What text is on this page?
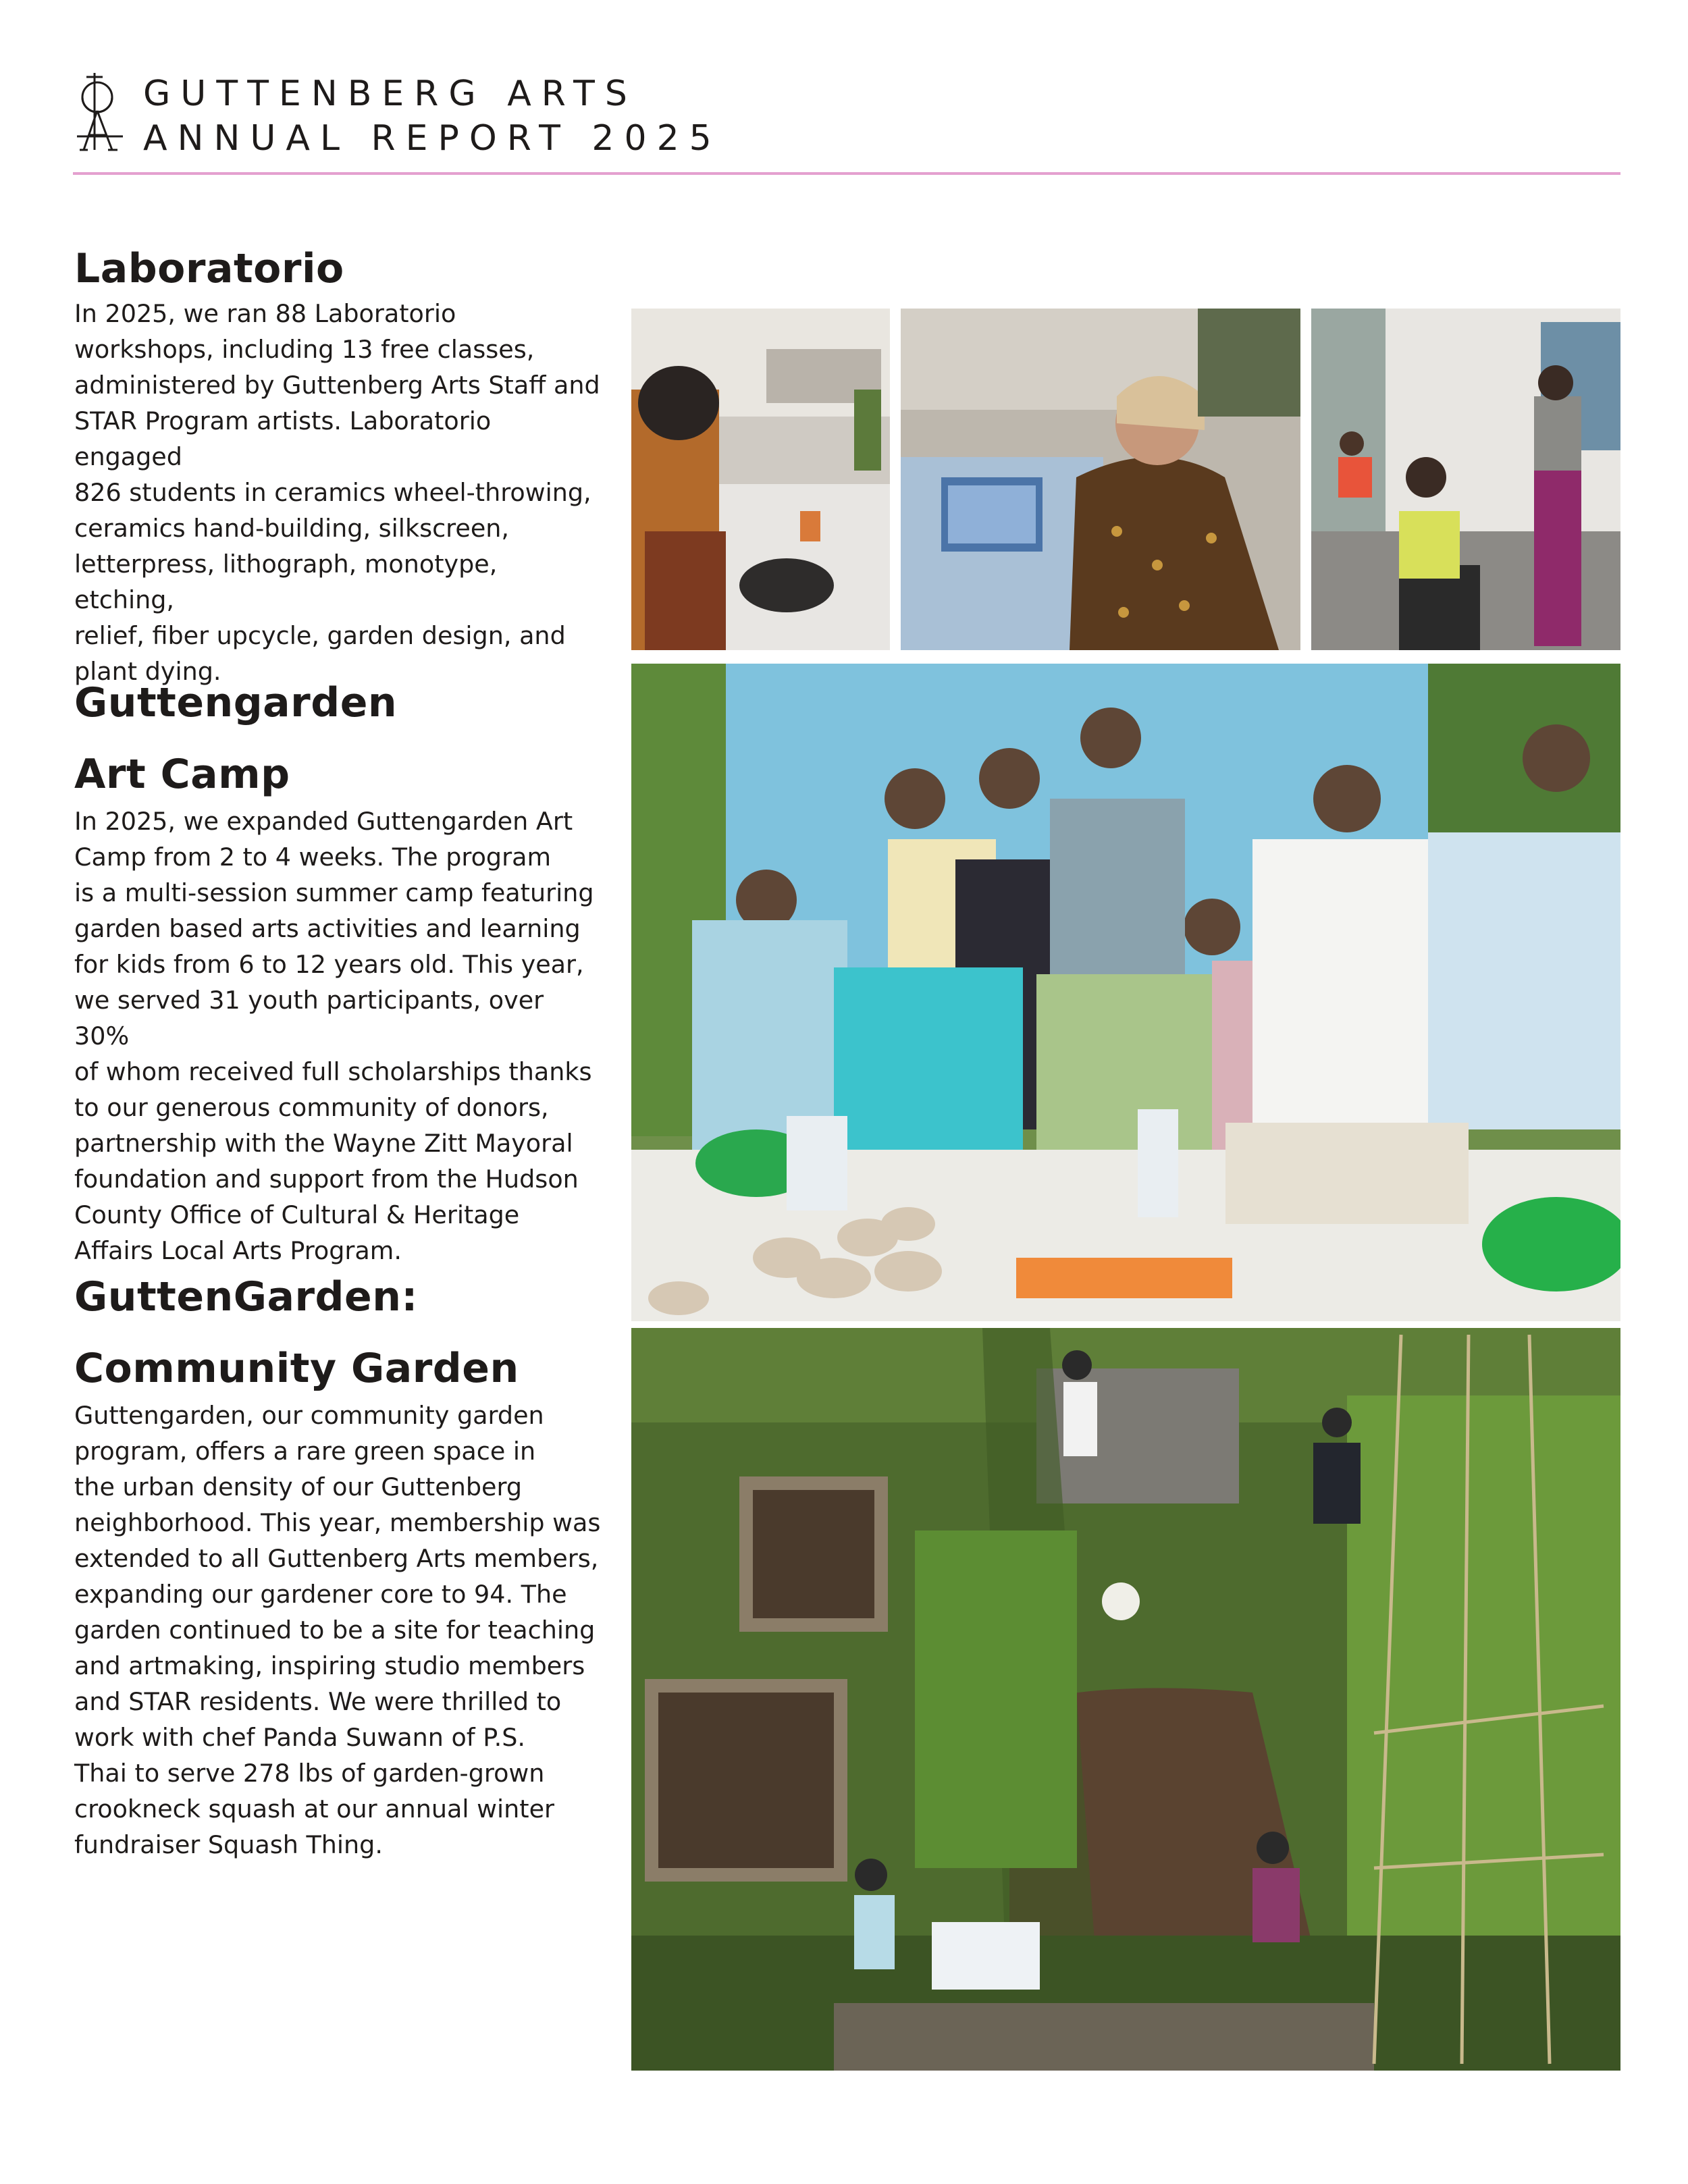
GUTTENBERG ARTS
ANNUAL REPORT 2025
Laboratorio

In 2025, we ran 88 Laboratorio
workshops, including 13 free classes,
administered by Guttenberg Arts Staff and
STAR Program artists. Laboratorio engaged
826 students in ceramics wheel-throwing,
ceramics hand-building, silkscreen,
letterpress, lithograph, monotype, etching,
relief, fiber upcycle, garden design, and
plant dying.

Guttengarden
Art Camp

In 2025, we expanded Guttengarden Art
Camp from 2 to 4 weeks. The program
is a multi-session summer camp featuring
garden based arts activities and learning
for kids from 6 to 12 years old. This year,
we served 31 youth participants, over 30%
of whom received full scholarships thanks
to our generous community of donors,
partnership with the Wayne Zitt Mayoral
foundation and support from the Hudson
County Office of Cultural & Heritage
Affairs Local Arts Program.

GuttenGarden:
Community Garden

Guttengarden, our community garden
program, offers a rare green space in
the urban density of our Guttenberg
neighborhood. This year, membership was
extended to all Guttenberg Arts members,
expanding our gardener core to 94. The
garden continued to be a site for teaching
and artmaking, inspiring studio members
and STAR residents. We were thrilled to
work with chef Panda Suwann of P.S.
Thai to serve 278 lbs of garden-grown
crookneck squash at our annual winter
fundraiser Squash Thing.
